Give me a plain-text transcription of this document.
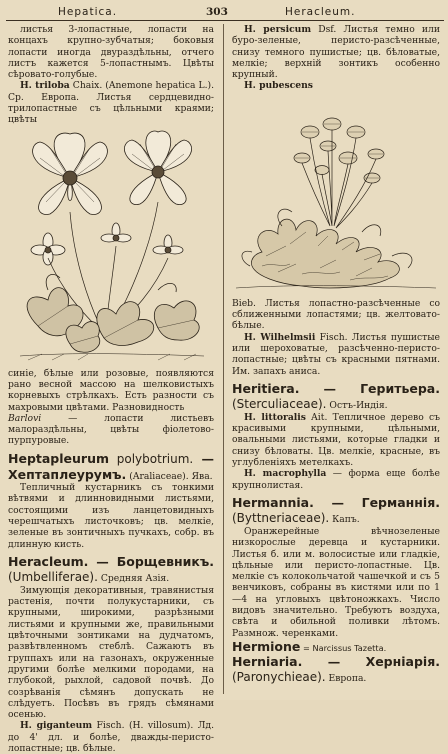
Hepatica.	303	Heracleum.

листья 3-лопастные, лопасти на концахъ крупно-зубчатыя; боковыя лопасти иногда двураздѣльны, отчего листъ кажется 5-лопастнымъ. Цвѣты сѣровато-голубые.

H. triloba Chaix. (Anemone hepatica L.). Ср. Европа. Листья сердцевидно-трилопастные съ цѣльными краями; цвѣты

синіе, бѣлые или розовые, появляются рано весной массою на шелковистыхъ корневыхъ стрѣлкахъ. Есть разности съ махровыми цвѣтами. Разновидность

Barlovi — лопасти листьевъ малораздѣльны, цвѣты фіолетово-пурпуровые.

Heptapleurum polybotrium. — Хептаплеурумъ. (Araliaceae). Ява.

Тепличный кустарникъ съ тонкими вѣтвями и длинновидными листьями, состоящими изъ ланцетовидныхъ черешчатыхъ листочковъ; цв. мелкіе, зеленые въ зонтичныхъ пучкахъ, собр. въ длинную кисть.

Heracleum. — Борщевникъ. (Umbelliferae). Средняя Азія.

Зимующія декоративныя, травянистыя растенія, почти полукустарники, съ крупными, широкими, разрѣзными листьями и крупными же, правильными цвѣточными зонтиками на дудчатомъ, развѣтвленномъ стеблѣ. Сажаютъ въ группахъ или на газонахъ, окруженные другими болѣе мелкими породами, на глубокой, рыхлой, садовой почвѣ. До созрѣванія сѣмянъ допускать не слѣдуетъ. Посѣвъ въ грядъ сѣмянами осенью.

H. giganteum Fisch. (H. villosum). Лд. до 4' дл. и болѣе, дважды-перисто-лопастные; цв. бѣлые.

H. persicum Dsf. Листья темно или буро-зеленые, перисто-разсѣченные, снизу темного пушистые; цв. бѣловатые, мелкіе; верхній зонтикъ особенно крупный.

H. pubescens

Bieb. Листья лопастно-разсѣченные со сближенными лопастями; цв. желтовато-бѣлые.

H. Wilhelmsii Fisch. Листья пушистые или шероховатые, разсѣченно-перисто-лопастные; цвѣты съ красными пятнами. Им. запахъ аниса.

Heritiera. — Геритьера. (Sterculiaceae). Остъ-Индія.

H. littoralis Ait. Тепличное дерево съ красивыми крупными, цѣльными, овальными листьями, которые гладки и снизу бѣловаты. Цв. мелкіе, красные, въ углубленіяхъ метелкахъ.

H. macrophylla — форма еще болѣе крупнолистая.

Hermannia. — Германнія. (Byttneriaceae). Капъ.

Оранжерейные вѣчнозеленые низкорослые деревца и кустарники. Листья б. или м. волосистые или гладкіе, цѣльные или перисто-лопастные. Цв. мелкіе съ колокольчатой чашечкой и съ 5 венчиковъ, собраны въ кистями или по 1—4 на угловыхъ цвѣтоножкахъ. Число видовъ значительно. Требуютъ воздуха, свѣта и обильной поливки лѣтомъ. Размнож. черенками.

Hermione = Narcissus Tazetta.

Herniaria. — Херніарія. (Paronychieae). Европа.
